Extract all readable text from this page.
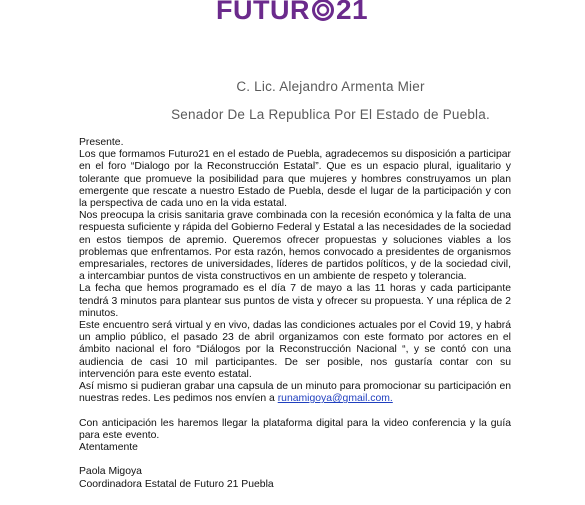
FUTUR 21
C. Lic. Alejandro Armenta Mier
Senador De La Republica Por El Estado de Puebla.

Presente.

Los que formamos Futuro21 en el estado de Puebla, agradecemos su disposición a participar en el foro “Dialogo por la Reconstrucción Estatal”. Que es un espacio plural, igualitario y tolerante que promueve la posibilidad para que mujeres y hombres construyamos un plan emergente que rescate a nuestro Estado de Puebla, desde el lugar de la participación y con la perspectiva de cada uno en la vida estatal.

Nos preocupa la crisis sanitaria grave combinada con la recesión económica y la falta de una respuesta suficiente y rápida del Gobierno Federal y Estatal a las necesidades de la sociedad en estos tiempos de apremio. Queremos ofrecer propuestas y soluciones viables a los problemas que enfrentamos. Por esta razón, hemos convocado a presidentes de organismos empresariales, rectores de universidades, líderes de partidos políticos, y de la sociedad civil, a intercambiar puntos de vista constructivos en un ambiente de respeto y tolerancia.

La fecha que hemos programado es el día 7 de mayo a las 11 horas y cada participante tendrá 3 minutos para plantear sus puntos de vista y ofrecer su propuesta. Y una réplica de 2 minutos.

Este encuentro será virtual y en vivo, dadas las condiciones actuales por el Covid 19, y habrá un amplio público, el pasado 23 de abril organizamos con este formato por actores en el ámbito nacional el foro “Diálogos por la Reconstrucción Nacional “, y se contó con una audiencia de casi 10 mil participantes. De ser posible, nos gustaría contar con su intervención para este evento estatal.

Así mismo si pudieran grabar una capsula de un minuto para promocionar su participación en nuestras redes. Les pedimos nos envíen a runamigoya@gmail.com.

Con anticipación les haremos llegar la plataforma digital para la video conferencia y la guía para este evento.

Atentamente

Paola Migoya

Coordinadora Estatal de Futuro 21 Puebla
